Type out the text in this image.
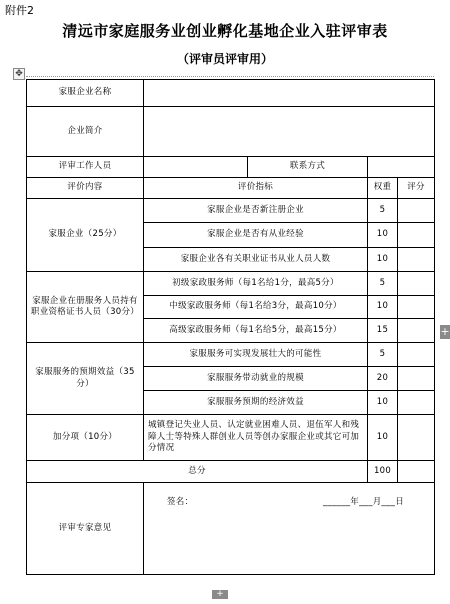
附件2
清远市家庭服务业创业孵化基地企业入驻评审表
（评审员评审用）
✥
家服企业名称				
企业简介				
评审工作人员		联系方式		
评价内容	评价指标		权重	评分
家服企业（25分）	家服企业是否新注册企业		5	
	家服企业是否有从业经验		10	
	家服企业各有关职业证书从业人员人数		10	
家服企业在册服务人员持有职业资格证书人员（30分）	初级家政服务师（每1名给1分，最高5分）		5	
	中级家政服务师（每1名给3分，最高10分）		10	
	高级家政服务师（每1名给5分，最高15分）		15	
家服服务的预期效益（35分）	家服服务可实现发展壮大的可能性		5	
	家服服务带动就业的规模		20	
	家服服务预期的经济效益		10	
加分项（10分）	城镇登记失业人员、认定就业困难人员、退伍军人和残障人士等特殊人群创业人员等创办家服企业或其它可加分情况		10	
总分			100	
评审专家意见	签名： ______年___月___日			
+
+
